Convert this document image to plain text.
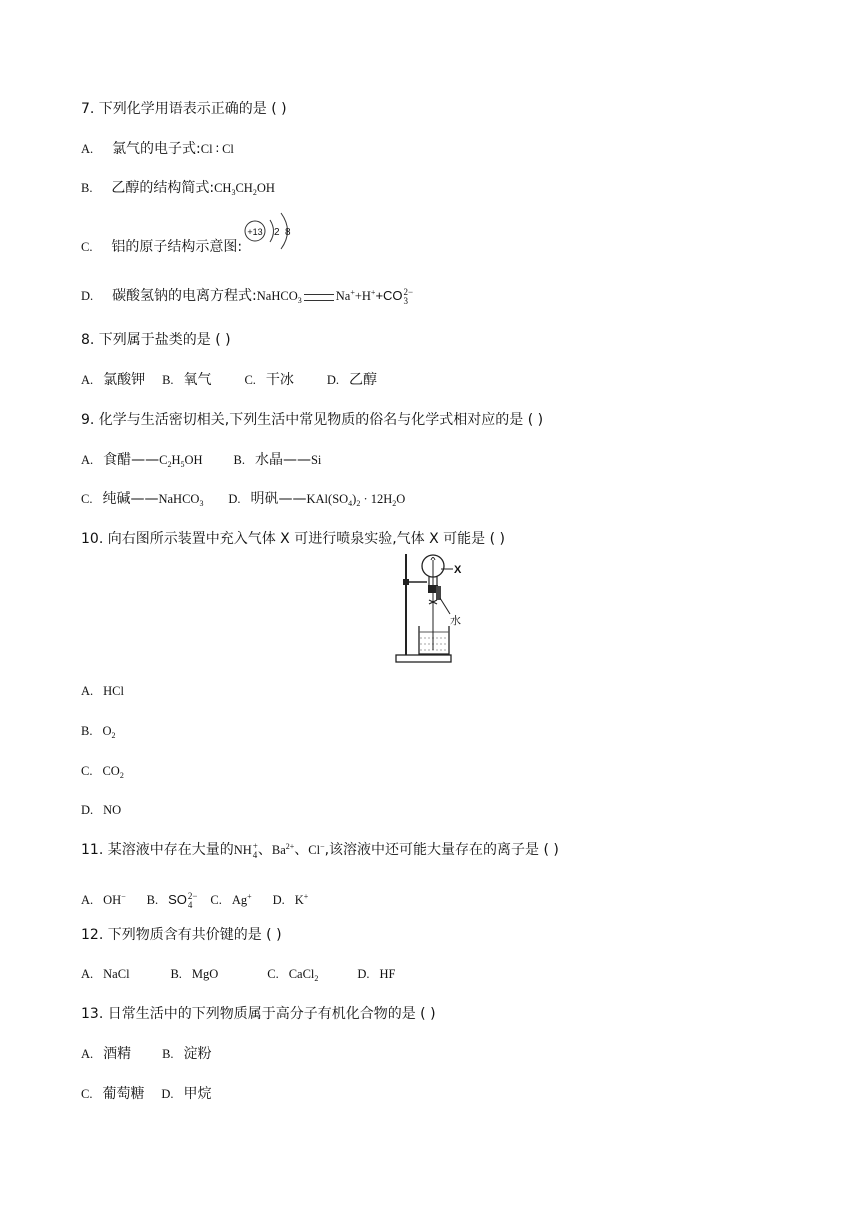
7. 下列化学用语表示正确的是 ( )
A. 氯气的电子式:Cl ∶ Cl
B. 乙醇的结构简式$:CH_3CH_2OH$
C. 铝的原子结构示意图:
+13 2 8
D. 碳酸氢钠的电离方程式:NaHCO$_3$	Na++H++CO 2−
3
8. 下列属于盐类的是 ( )
A. 氯酸钾 B. 氧气	C. 干冰	D. 乙醇
9. 化学与生活密切相关,下列生活中常见物质的俗名与化学式相对应的是 ( )
A. 食醋$——C_2H_5OH$ B. 水晶——Si
C. 纯碱——NaHCO$_3$ D. 明矾$——KAl(SO_4)_2 \cdot 12H_2O$
10. 向右图所示装置中充入气体 X 可进行喷泉实验,气体 X 可能是 ( )
X
水
A. HCl
B. $O_2$
C. $CO_2$
D. NO
11. 某溶液中存在大量的NH +
4 、$Ba^{2+}$、Cl−,该溶液中还可能大量存在的离子是 ( )
A. OH− B. SO 2−
4	C. Ag+ D. K+
12. 下列物质含有共价键的是 ( )
A. NaCl	B. MgO	C. CaCl$_2$	D. HF
13. 日常生活中的下列物质属于高分子有机化合物的是 ( )
A. 酒精 B. 淀粉
C. 葡萄糖 D. 甲烷
